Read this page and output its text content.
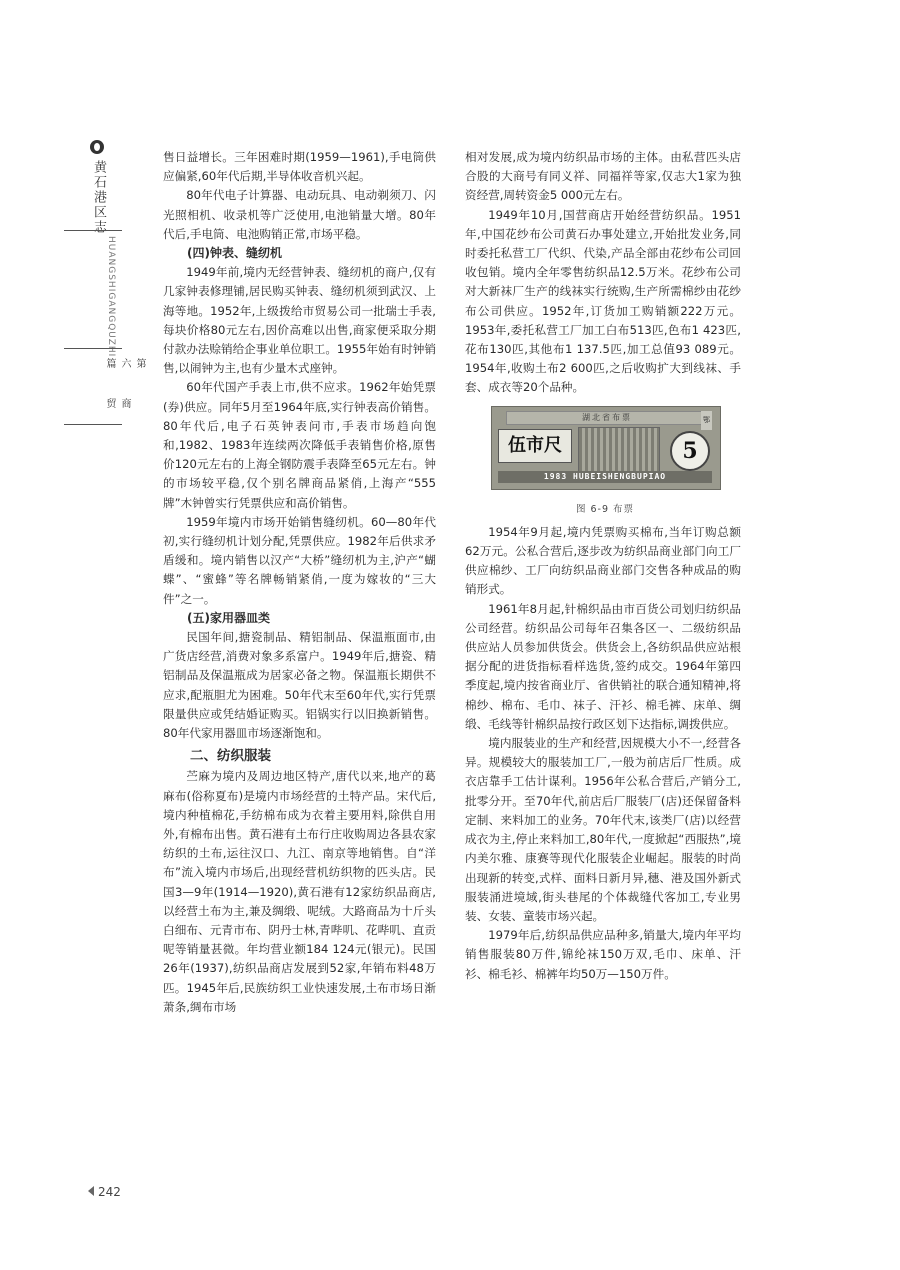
黄石港区志
HUANGSHIGANGQUZHI
第六篇
商贸

售日益增长。三年困难时期(1959—1961),手电筒供应偏紧,60年代后期,半导体收音机兴起。

80年代电子计算器、电动玩具、电动剃须刀、闪光照相机、收录机等广泛使用,电池销量大增。80年代后,手电筒、电池购销正常,市场平稳。

(四)钟表、缝纫机

1949年前,境内无经营钟表、缝纫机的商户,仅有几家钟表修理铺,居民购买钟表、缝纫机须到武汉、上海等地。1952年,上级拨给市贸易公司一批瑞士手表,每块价格80元左右,因价高难以出售,商家便采取分期付款办法赊销给企事业单位职工。1955年始有时钟销售,以闹钟为主,也有少量木式座钟。

60年代国产手表上市,供不应求。1962年始凭票(券)供应。同年5月至1964年底,实行钟表高价销售。80年代后,电子石英钟表问市,手表市场趋向饱和,1982、1983年连续两次降低手表销售价格,原售价120元左右的上海全钢防震手表降至65元左右。钟的市场较平稳,仅个别名牌商品紧俏,上海产“555牌”木钟曾实行凭票供应和高价销售。

1959年境内市场开始销售缝纫机。60—80年代初,实行缝纫机计划分配,凭票供应。1982年后供求矛盾缓和。境内销售以汉产“大桥”缝纫机为主,沪产“蝴蝶”、“蜜蜂”等名牌畅销紧俏,一度为嫁妆的“三大件”之一。

(五)家用器皿类

民国年间,搪瓷制品、精铝制品、保温瓶面市,由广货店经营,消费对象多系富户。1949年后,搪瓷、精铝制品及保温瓶成为居家必备之物。保温瓶长期供不应求,配瓶胆尤为困难。50年代末至60年代,实行凭票限量供应或凭结婚证购买。铝锅实行以旧换新销售。80年代家用器皿市场逐渐饱和。

二、纺织服装

苎麻为境内及周边地区特产,唐代以来,地产的葛麻布(俗称夏布)是境内市场经营的土特产品。宋代后,境内种植棉花,手纺棉布成为衣着主要用料,除供自用外,有棉布出售。黄石港有土布行庄收购周边各县农家纺织的土布,运往汉口、九江、南京等地销售。自“洋布”流入境内市场后,出现经营机纺织物的匹头店。民国3—9年(1914—1920),黄石港有12家纺织品商店,以经营土布为主,兼及绸缎、呢绒。大路商品为十斤头白细布、元青市布、阴丹士林,青哔叽、花哔叽、直贡呢等销量甚微。年均营业额184 124元(银元)。民国26年(1937),纺织品商店发展到52家,年销布料48万匹。1945年后,民族纺织工业快速发展,土布市场日渐萧条,绸布市场

相对发展,成为境内纺织品市场的主体。由私营匹头店合股的大商号有同义祥、同福祥等家,仅志大1家为独资经营,周转资金5 000元左右。

1949年10月,国营商店开始经营纺织品。1951年,中国花纱布公司黄石办事处建立,开始批发业务,同时委托私营工厂代织、代染,产品全部由花纱布公司回收包销。境内全年零售纺织品12.5万米。花纱布公司对大新袜厂生产的线袜实行统购,生产所需棉纱由花纱布公司供应。1952年,订货加工购销额222万元。1953年,委托私营工厂加工白布513匹,色布1 423匹,花布130匹,其他布1 137.5匹,加工总值93 089元。1954年,收购土布2 600匹,之后收购扩大到线袜、手套、成衣等20个品种。

湖北省布票	鄂
伍市尺	5
1983 HUBEISHENGBUPIAO
图 6-9 布票

1954年9月起,境内凭票购买棉布,当年订购总额62万元。公私合营后,逐步改为纺织品商业部门向工厂供应棉纱、工厂向纺织品商业部门交售各种成品的购销形式。

1961年8月起,针棉织品由市百货公司划归纺织品公司经营。纺织品公司每年召集各区一、二级纺织品供应站人员参加供货会。供货会上,各纺织品供应站根据分配的进货指标看样选货,签约成交。1964年第四季度起,境内按省商业厅、省供销社的联合通知精神,将棉纱、棉布、毛巾、袜子、汗衫、棉毛裤、床单、绸缎、毛线等针棉织品按行政区划下达指标,调拨供应。

境内服装业的生产和经营,因规模大小不一,经营各异。规模较大的服装加工厂,一般为前店后厂性质。成衣店靠手工估计谋利。1956年公私合营后,产销分工,批零分开。至70年代,前店后厂服装厂(店)还保留备料定制、来料加工的业务。70年代末,该类厂(店)以经营成衣为主,停止来料加工,80年代,一度掀起“西服热”,境内美尔雅、康赛等现代化服装企业崛起。服装的时尚出现新的转变,式样、面料日新月异,穗、港及国外新式服装涌进境域,街头巷尾的个体裁缝代客加工,专业男装、女装、童装市场兴起。

1979年后,纺织品供应品种多,销量大,境内年平均销售服装80万件,锦纶袜150万双,毛巾、床单、汗衫、棉毛衫、棉裤年均50万—150万件。

242
